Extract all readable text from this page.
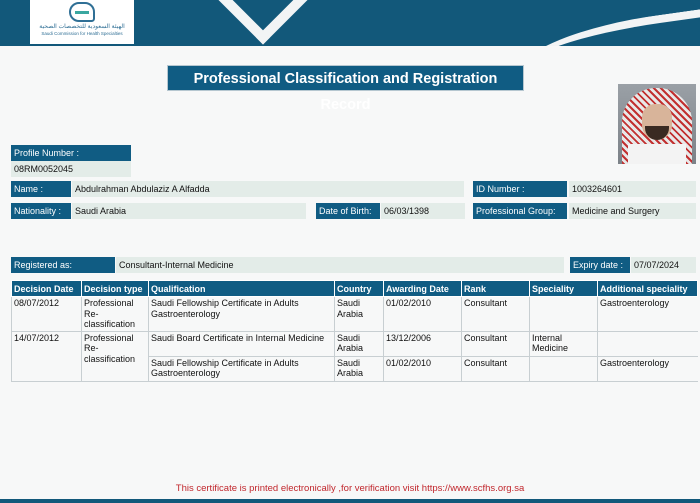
الهيئة السعودية للتخصصات الصحية
Saudi Commission for Health Specialties
Professional Classification and Registration Record
Profile Number :
08RM0052045
Name :	Abdulrahman Abdulaziz A Alfadda	ID Number :	1003264601
Nationality :	Saudi Arabia	Date of Birth:	06/03/1398	Professional Group:	Medicine and Surgery
Registered as:	Consultant-Internal Medicine	Expiry date :	07/07/2024
Decision Date	Decision type	Qualification	Country	Awarding Date	Rank	Speciality	Additional speciality
08/07/2012	Professional Re-classification	Saudi Fellowship Certificate in Adults Gastroenterology	Saudi Arabia	01/02/2010	Consultant		Gastroenterology
14/07/2012	Professional Re-classification	Saudi Board Certificate in Internal Medicine	Saudi Arabia	13/12/2006	Consultant	Internal Medicine	
		Saudi Fellowship Certificate in Adults Gastroenterology	Saudi Arabia	01/02/2010	Consultant		Gastroenterology
This certificate is printed electronically ,for verification visit https://www.scfhs.org.sa
